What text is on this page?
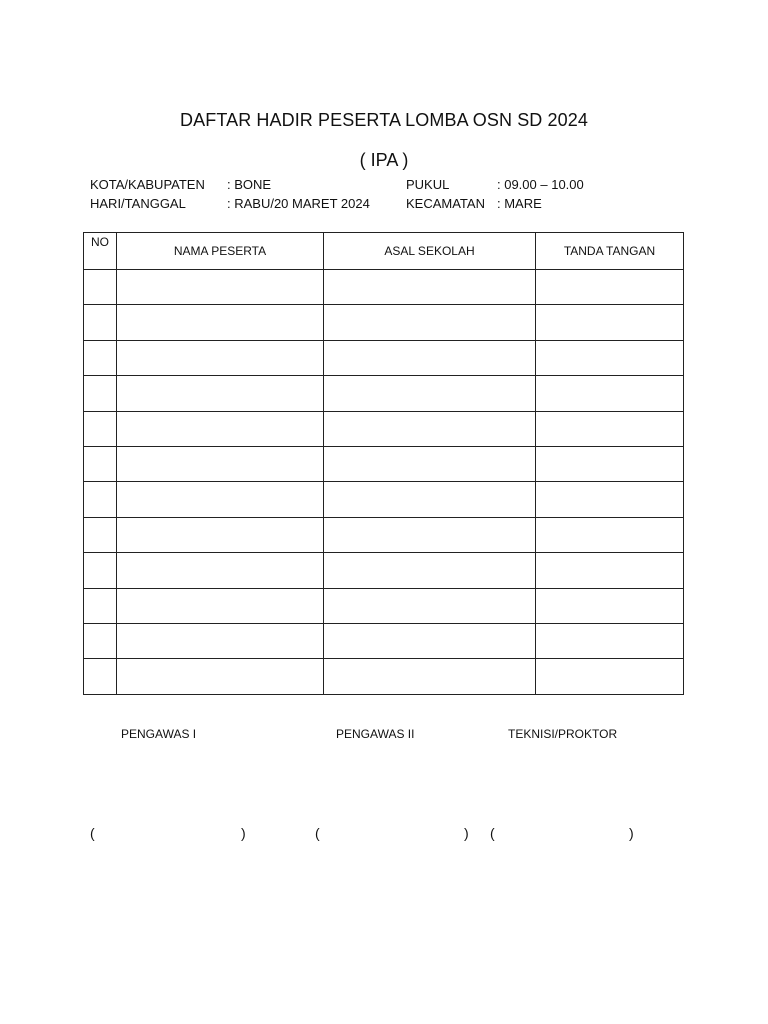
DAFTAR HADIR PESERTA LOMBA OSN SD 2024
( IPA )
KOTA/KABUPATEN : BONE
HARI/TANGGAL	: RABU/20 MARET 2024
PUKUL	: 09.00 – 10.00
KECAMATAN : MARE
NO	NAMA PESERTA	ASAL SEKOLAH	TANDA TANGAN

PENGAWAS I	PENGAWAS II	TEKNISI/PROKTOR
(	)	(	) (	)
